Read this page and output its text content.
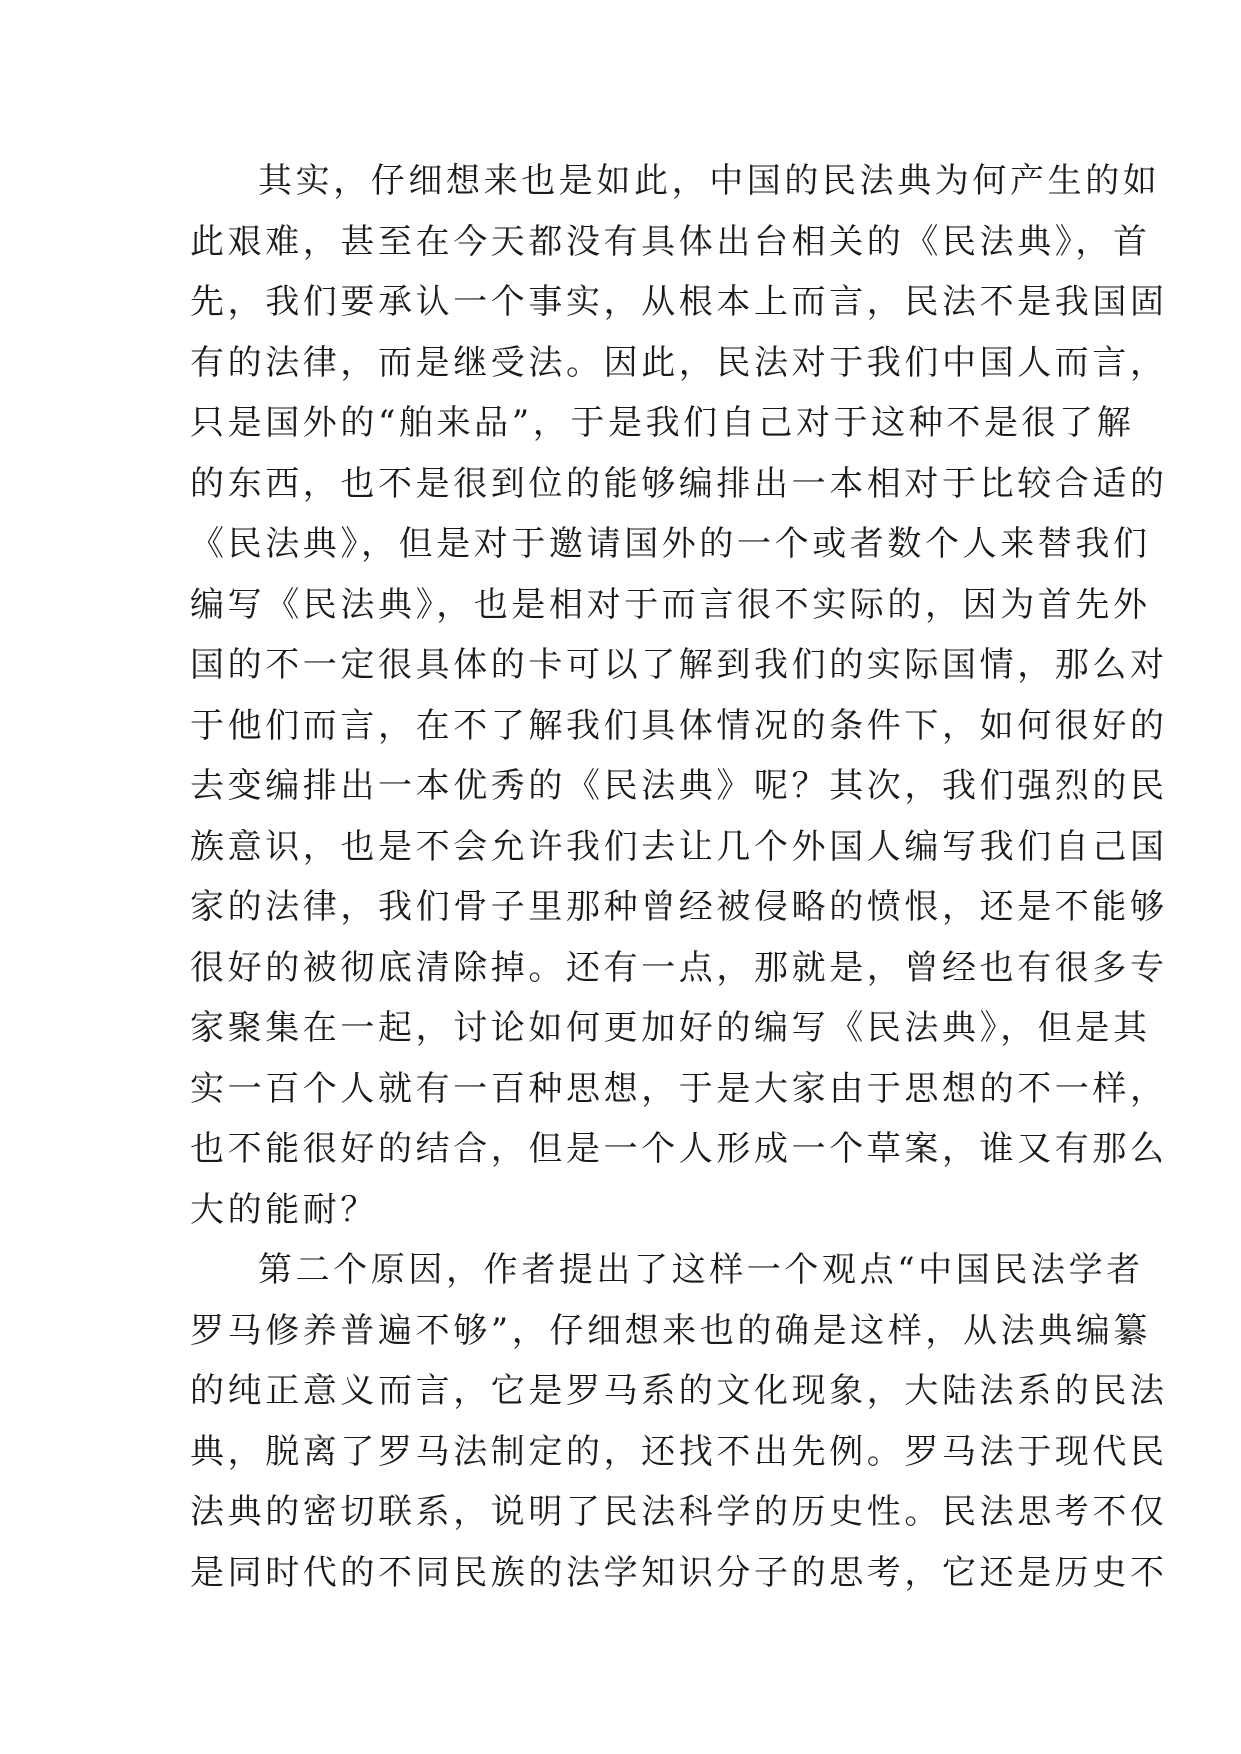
其实，仔细想来也是如此，中国的民法典为何产生的如
此艰难，甚至在今天都没有具体出台相关的《民法典》，首
先，我们要承认一个事实，从根本上而言，民法不是我国固
有的法律，而是继受法。因此，民法对于我们中国人而言，
只是国外的“舶来品”，于是我们自己对于这种不是很了解
的东西，也不是很到位的能够编排出一本相对于比较合适的
《民法典》，但是对于邀请国外的一个或者数个人来替我们
编写《民法典》，也是相对于而言很不实际的，因为首先外
国的不一定很具体的卡可以了解到我们的实际国情，那么对
于他们而言，在不了解我们具体情况的条件下，如何很好的
去变编排出一本优秀的《民法典》呢？其次，我们强烈的民
族意识，也是不会允许我们去让几个外国人编写我们自己国
家的法律，我们骨子里那种曾经被侵略的愤恨，还是不能够
很好的被彻底清除掉。还有一点，那就是，曾经也有很多专
家聚集在一起，讨论如何更加好的编写《民法典》，但是其
实一百个人就有一百种思想，于是大家由于思想的不一样，
也不能很好的结合，但是一个人形成一个草案，谁又有那么
大的能耐？
第二个原因，作者提出了这样一个观点“中国民法学者
罗马修养普遍不够”，仔细想来也的确是这样，从法典编纂
的纯正意义而言，它是罗马系的文化现象，大陆法系的民法
典，脱离了罗马法制定的，还找不出先例。罗马法于现代民
法典的密切联系，说明了民法科学的历史性。民法思考不仅
是同时代的不同民族的法学知识分子的思考，它还是历史不
